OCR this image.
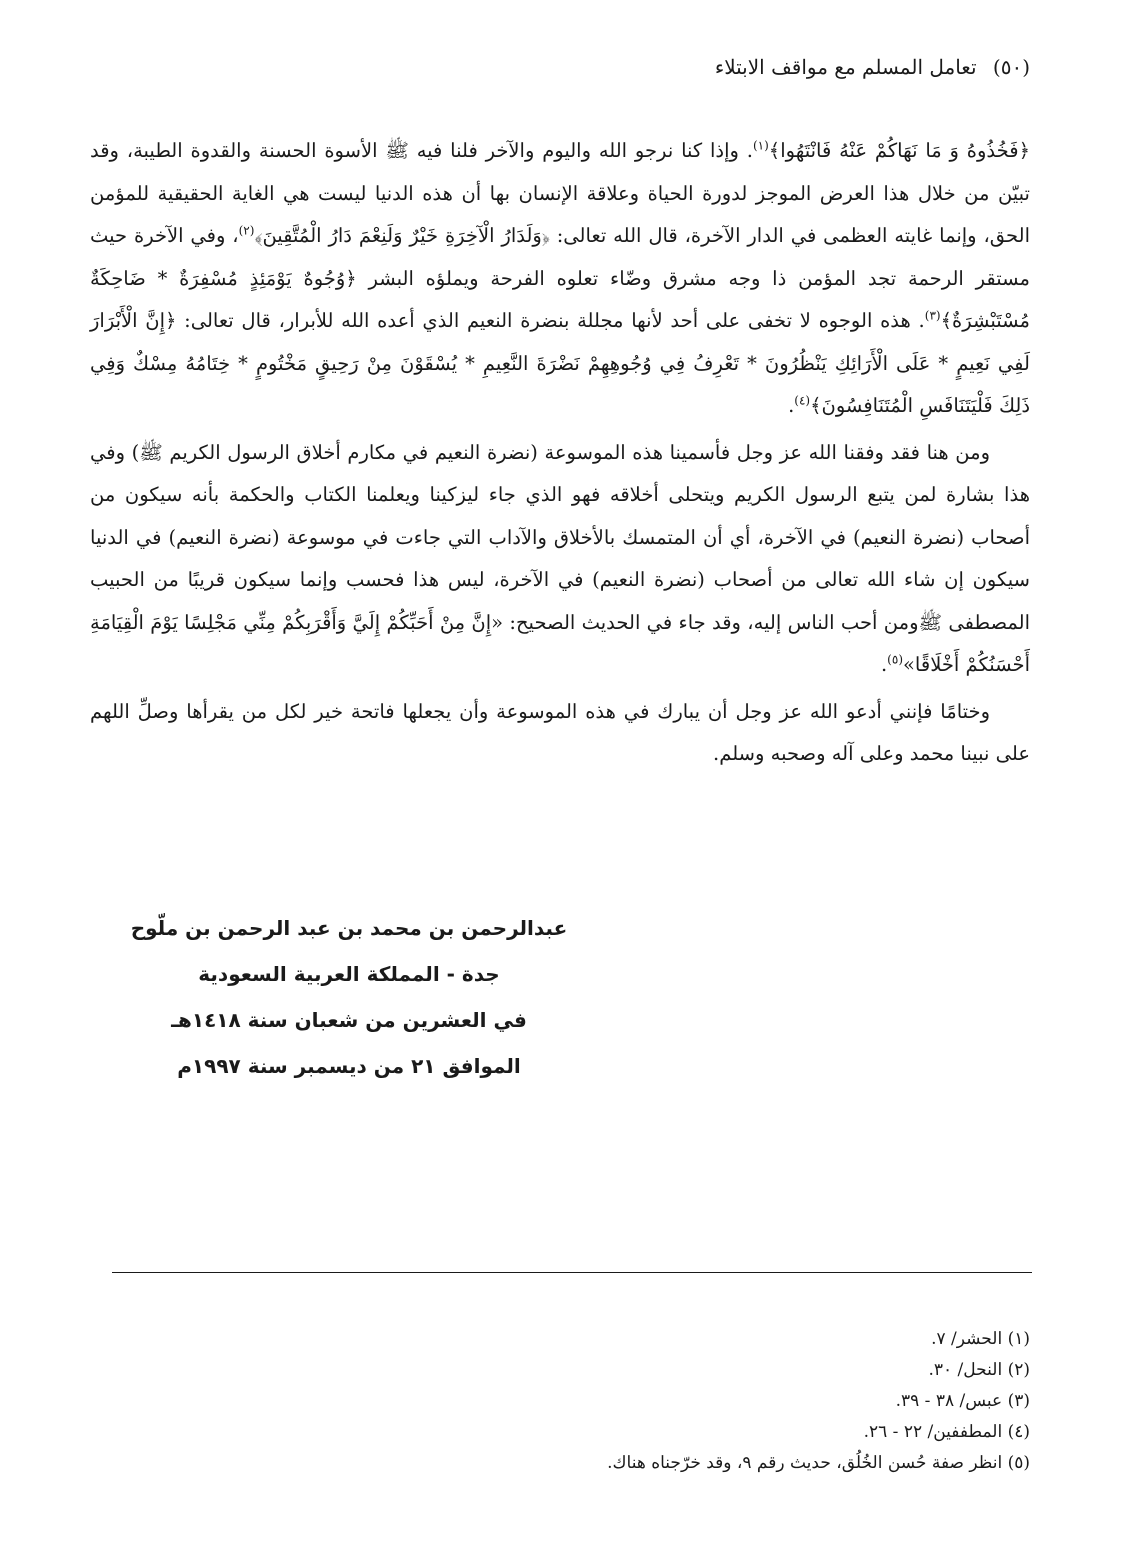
(٥٠) تعامل المسلم مع مواقف الابتلاء

﴿فَخُذُوهُ وَ مَا نَهَاكُمْ عَنْهُ فَانْتَهُوا﴾$^{(١)}$. وإذا كنا نرجو الله واليوم والآخر فلنا فيه ﷺ الأسوة الحسنة والقدوة الطيبة، وقد تبيّن من خلال هذا العرض الموجز لدورة الحياة وعلاقة الإنسان بها أن هذه الدنيا ليست هي الغاية الحقيقية للمؤمن الحق، وإنما غايته العظمى في الدار الآخرة، قال الله تعالى: ﴿وَلَدَارُ الْآخِرَةِ خَيْرٌ وَلَنِعْمَ دَارُ الْمُتَّقِينَ﴾$^{(٢)}$، وفي الآخرة حيث مستقر الرحمة تجد المؤمن ذا وجه مشرق وضّاء تعلوه الفرحة ويملؤه البشر ﴿وُجُوهٌ يَوْمَئِذٍ مُسْفِرَةٌ * ضَاحِكَةٌ مُسْتَبْشِرَةٌ﴾$^{(٣)}$. هذه الوجوه لا تخفى على أحد لأنها مجللة بنضرة النعيم الذي أعده الله للأبرار، قال تعالى: ﴿إِنَّ الْأَبْرَارَ لَفِي نَعِيمٍ * عَلَى الْأَرَائِكِ يَنْظُرُونَ * تَعْرِفُ فِي وُجُوهِهِمْ نَضْرَةَ النَّعِيمِ * يُسْقَوْنَ مِنْ رَحِيقٍ مَخْتُومٍ * خِتَامُهُ مِسْكٌ وَفِي ذَلِكَ فَلْيَتَنَافَسِ الْمُتَنَافِسُونَ﴾$^{(٤)}$.

ومن هنا فقد وفقنا الله عز وجل فأسمينا هذه الموسوعة (نضرة النعيم في مكارم أخلاق الرسول الكريم ﷺ) وفي هذا بشارة لمن يتبع الرسول الكريم ويتحلى أخلاقه فهو الذي جاء ليزكينا ويعلمنا الكتاب والحكمة بأنه سيكون من أصحاب (نضرة النعيم) في الآخرة، أي أن المتمسك بالأخلاق والآداب التي جاءت في موسوعة (نضرة النعيم) في الدنيا سيكون إن شاء الله تعالى من أصحاب (نضرة النعيم) في الآخرة، ليس هذا فحسب وإنما سيكون قريبًا من الحبيب المصطفى ﷺومن أحب الناس إليه، وقد جاء في الحديث الصحيح: «إِنَّ مِنْ أَحَبِّكُمْ إِلَيَّ وَأَقْرَبِكُمْ مِنِّي مَجْلِسًا يَوْمَ الْقِيَامَةِ أَحْسَنُكُمْ أَخْلَاقًا»$^{(٥)}$.

وختامًا فإنني أدعو الله عز وجل أن يبارك في هذه الموسوعة وأن يجعلها فاتحة خير لكل من يقرأها وصلِّ اللهم على نبينا محمد وعلى آله وصحبه وسلم.

عبدالرحمن بن محمد بن عبد الرحمن بن ملّوح
جدة - المملكة العربية السعودية
في العشرين من شعبان سنة ١٤١٨هـ
الموافق ٢١ من ديسمبر سنة ١٩٩٧م
(١) الحشر/ ٧.
(٢) النحل/ ٣٠.
(٣) عبس/ ٣٨ - ٣٩.
(٤) المطففين/ ٢٢ - ٢٦.
(٥) انظر صفة حُسن الخُلُق، حديث رقم ٩، وقد خرّجناه هناك.
